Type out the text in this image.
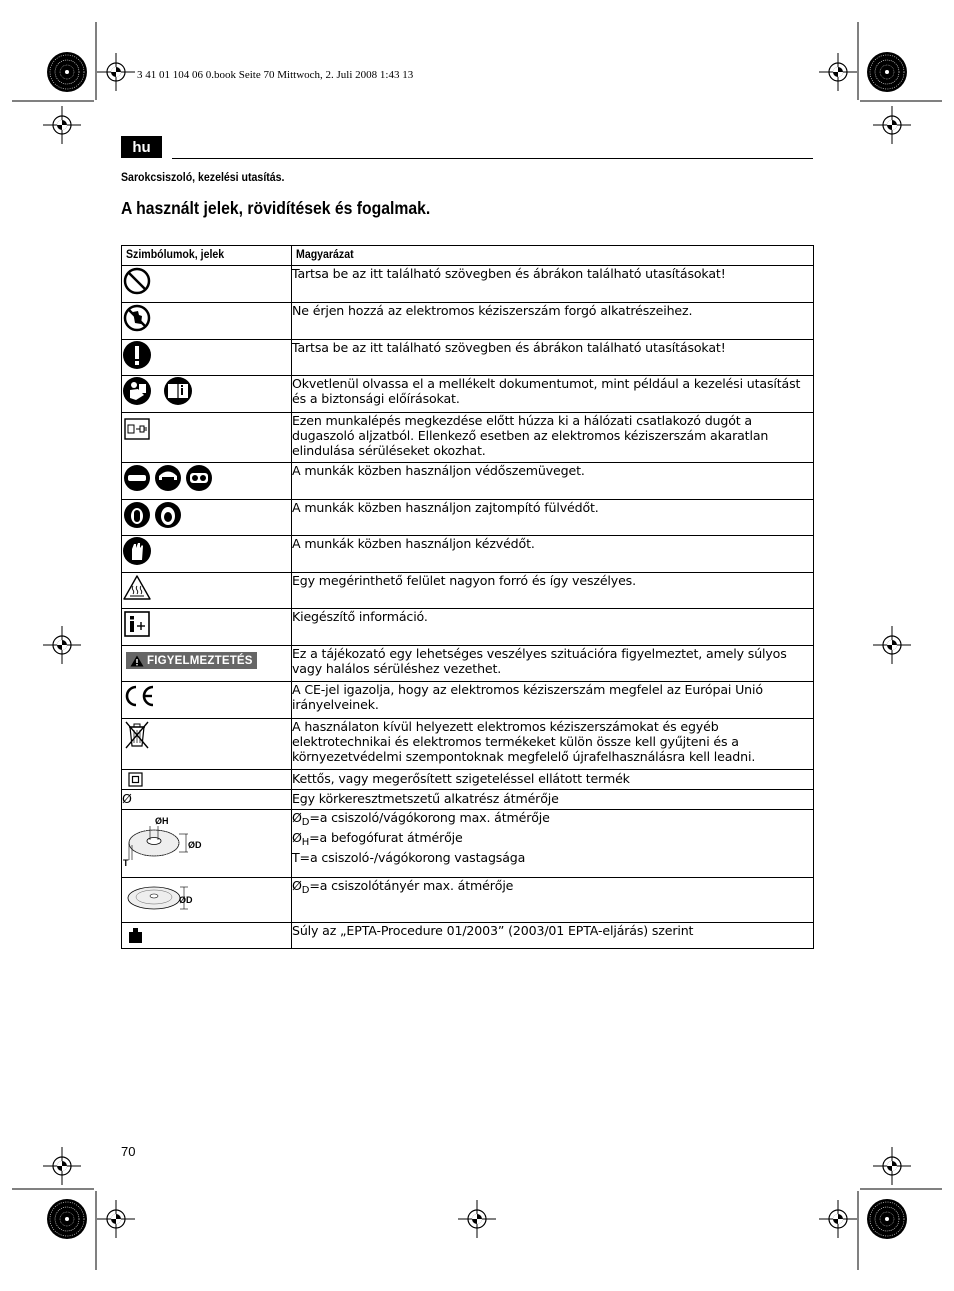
3 41 01 104 06 0.book Seite 70 Mittwoch, 2. Juli 2008 1:43 13
hu
Sarokcsiszoló, kezelési utasítás.
A használt jelek, rövidítések és fogalmak.
Szimbólumok, jelek	Magyarázat

Tartsa be az itt található szövegben és ábrákon található utasításokat!

Ne érjen hozzá az elektromos kéziszerszám forgó alkatrészeihez.

Tartsa be az itt található szövegben és ábrákon található utasításokat!

Okvetlenül olvassa el a mellékelt dokumentumot, mint például a kezelési utasítást és a biztonsági előírásokat.

Ezen munkalépés megkezdése előtt húzza ki a hálózati csatlakozó dugót a dugaszoló aljzatból. Ellenkező esetben az elektromos kéziszerszám akaratlan elindulása sérüléseket okozhat.

A munkák közben használjon védőszemüveget.

A munkák közben használjon zajtompító fülvédőt.

A munkák közben használjon kézvédőt.

Egy megérinthető felület nagyon forró és így veszélyes.

Kiegészítő információ.

FIGYELMEZTETÉS	Ez a tájékozató egy lehetséges veszélyes szituációra figyelmeztet, amely súlyos vagy halálos sérüléshez vezethet.

A CE-jel igazolja, hogy az elektromos kéziszerszám megfelel az Európai Unió irányelveinek.

A használaton kívül helyezett elektromos kéziszerszámokat és egyéb elektrotechnikai és elektromos termékeket külön össze kell gyűjteni és a környezetvédelmi szempontoknak megfelelő újrafelhasználásra kell leadni.

Kettős, vagy megerősített szigeteléssel ellátott termék

Ø	Egy körkeresztmetszetű alkatrész átmérője

ØH
ØD
T	$Ø_D=a$ csiszoló/vágókorong max. átmérője
$Ø_H=a$ befogófurat átmérője
T=a csiszoló-/vágókorong vastagsága

ØD	$Ø_D=a$ csiszolótányér max. átmérője

Súly az „EPTA-Procedure 01/2003” (2003/01 EPTA-eljárás) szerint
70
